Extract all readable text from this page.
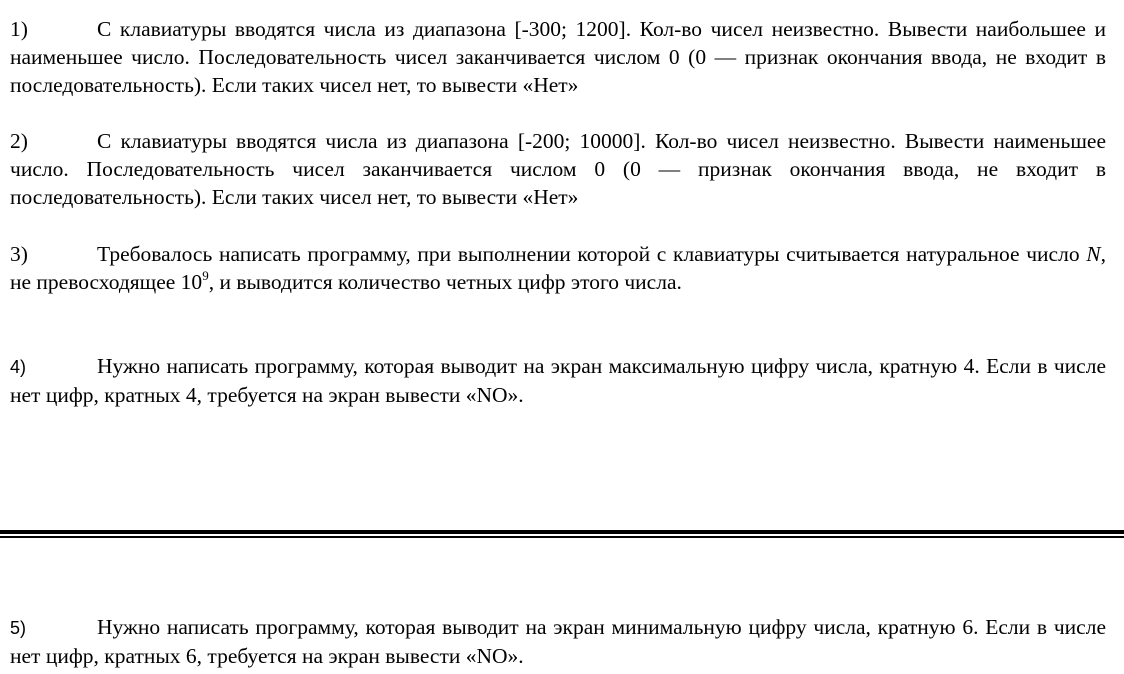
1)	С клавиатуры вводятся числа из диапазона [-300; 1200]. Кол-во чисел неизвестно. Вывести наибольшее и наименьшее число. Последовательность чисел заканчивается числом 0 (0 — признак окончания ввода, не входит в последовательность). Если таких чисел нет, то вывести «Нет»
2)	С клавиатуры вводятся числа из диапазона [-200; 10000]. Кол-во чисел неизвестно. Вывести наименьшее число. Последовательность чисел заканчивается числом 0 (0 — признак окончания ввода, не входит в последовательность). Если таких чисел нет, то вывести «Нет»
3)	Требовалось написать программу, при выполнении которой с клавиатуры считывается натуральное число N, не превосходящее $10^9$, и выводится количество четных цифр этого числа.
4)	Нужно написать программу, которая выводит на экран максимальную цифру числа, кратную 4. Если в числе нет цифр, кратных 4, требуется на экран вывести «NO».
5)	Нужно написать программу, которая выводит на экран минимальную цифру числа, кратную 6. Если в числе нет цифр, кратных 6, требуется на экран вывести «NO».
